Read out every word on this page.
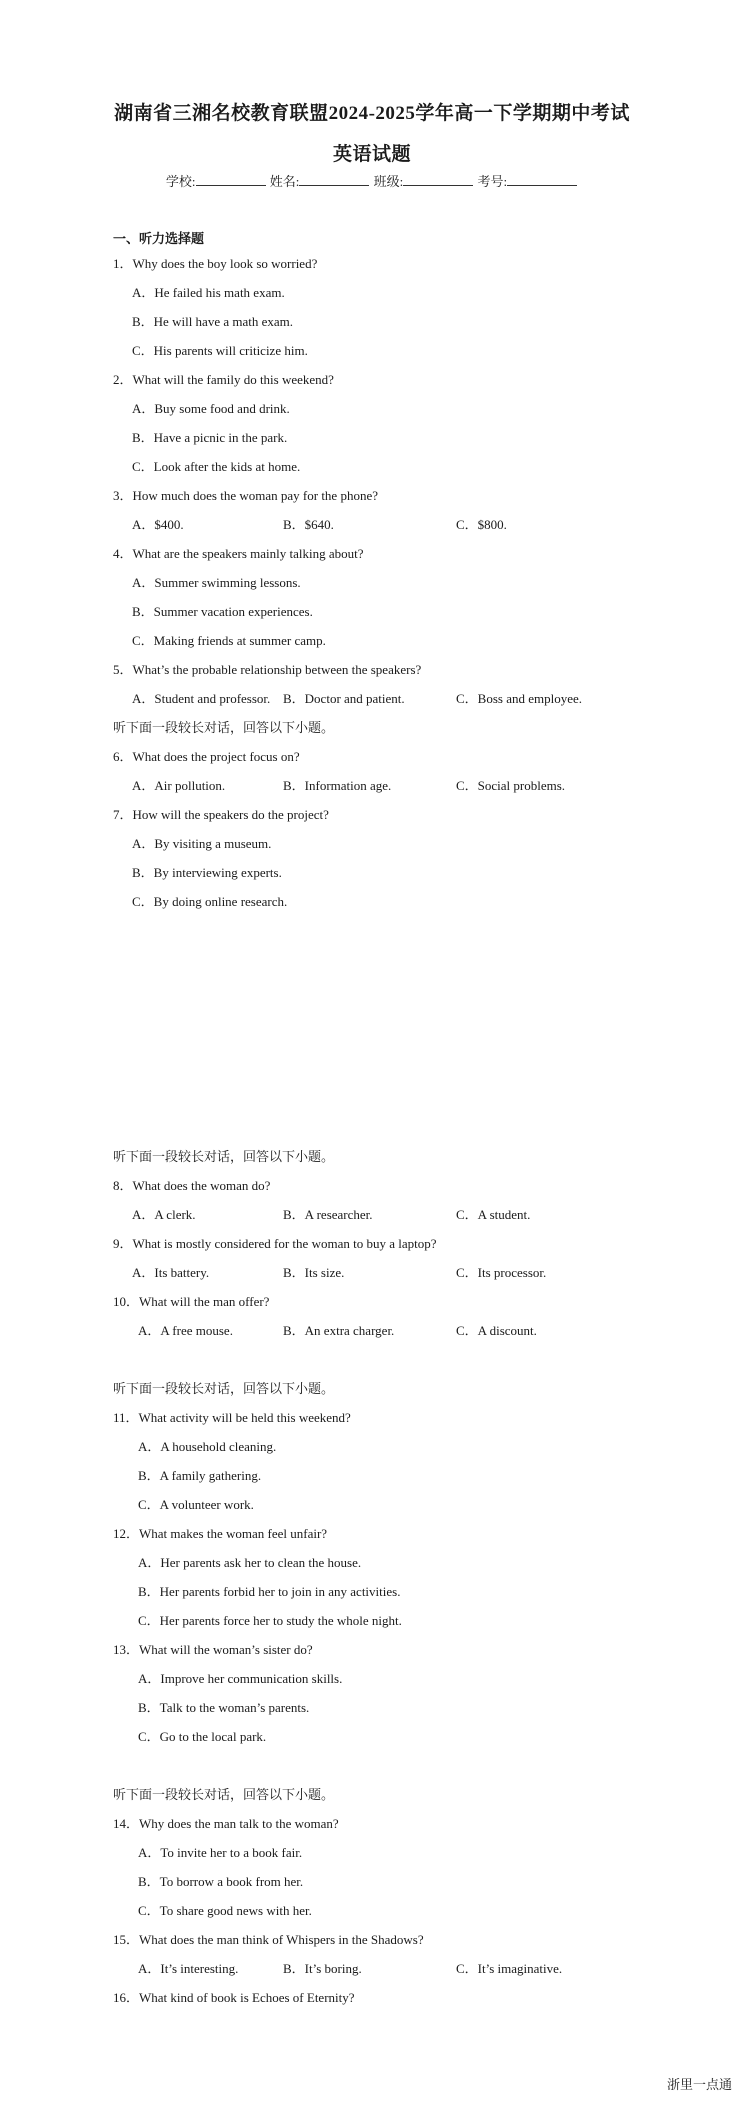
湖南省三湘名校教育联盟2024-2025学年高一下学期期中考试
英语试题
学校:	姓名:	班级:	考号:
一、听力选择题
1．Why does the boy look so worried?
A．He failed his math exam.
B．He will have a math exam.
C．His parents will criticize him.
2．What will the family do this weekend?
A．Buy some food and drink.
B．Have a picnic in the park.
C．Look after the kids at home.
3．How much does the woman pay for the phone?
A．$400.	B．$640.	C．$800.
4．What are the speakers mainly talking about?
A．Summer swimming lessons.
B．Summer vacation experiences.
C．Making friends at summer camp.
5．What’s the probable relationship between the speakers?
A．Student and professor. B．Doctor and patient.	C．Boss and employee.
听下面一段较长对话，回答以下小题。
6．What does the project focus on?
A．Air pollution.	B．Information age.	C．Social problems.
7．How will the speakers do the project?
A．By visiting a museum.
B．By interviewing experts.
C．By doing online research.
听下面一段较长对话，回答以下小题。
8．What does the woman do?
A．A clerk.	B．A researcher.	C．A student.
9．What is mostly considered for the woman to buy a laptop?
A．Its battery.	B．Its size.	C．Its processor.
10．What will the man offer?
A．A free mouse.	B．An extra charger.	C．A discount.
听下面一段较长对话，回答以下小题。
11．What activity will be held this weekend?
A．A household cleaning.
B．A family gathering.
C．A volunteer work.
12．What makes the woman feel unfair?
A．Her parents ask her to clean the house.
B．Her parents forbid her to join in any activities.
C．Her parents force her to study the whole night.
13．What will the woman’s sister do?
A．Improve her communication skills.
B．Talk to the woman’s parents.
C．Go to the local park.
听下面一段较长对话，回答以下小题。
14．Why does the man talk to the woman?
A．To invite her to a book fair.
B．To borrow a book from her.
C．To share good news with her.
15．What does the man think of Whispers in the Shadows?
A．It’s interesting.	B．It’s boring.	C．It’s imaginative.
16．What kind of book is Echoes of Eternity?
浙里一点通
